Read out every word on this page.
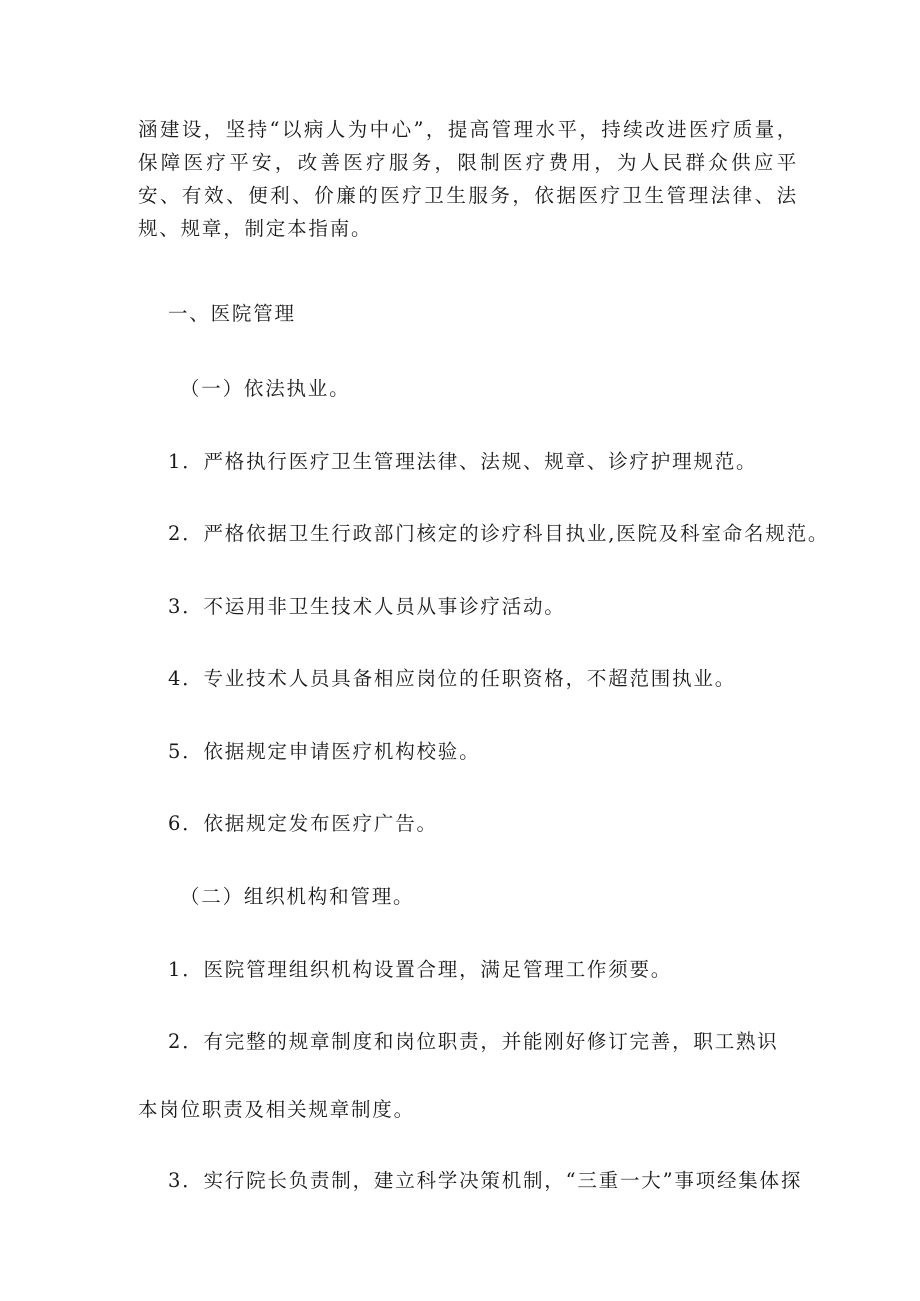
涵建设，坚持“以病人为中心”，提高管理水平，持续改进医疗质量，保障医疗平安，改善医疗服务，限制医疗费用，为人民群众供应平安、有效、便利、价廉的医疗卫生服务，依据医疗卫生管理法律、法规、规章，制定本指南。

一、医院管理

（一）依法执业。

1．严格执行医疗卫生管理法律、法规、规章、诊疗护理规范。

2．严格依据卫生行政部门核定的诊疗科目执业,医院及科室命名规范。

3．不运用非卫生技术人员从事诊疗活动。

4．专业技术人员具备相应岗位的任职资格，不超范围执业。

5．依据规定申请医疗机构校验。

6．依据规定发布医疗广告。

（二）组织机构和管理。

1．医院管理组织机构设置合理，满足管理工作须要。

2．有完整的规章制度和岗位职责，并能刚好修订完善，职工熟识

本岗位职责及相关规章制度。

3．实行院长负责制，建立科学决策机制，“三重一大”事项经集体探
